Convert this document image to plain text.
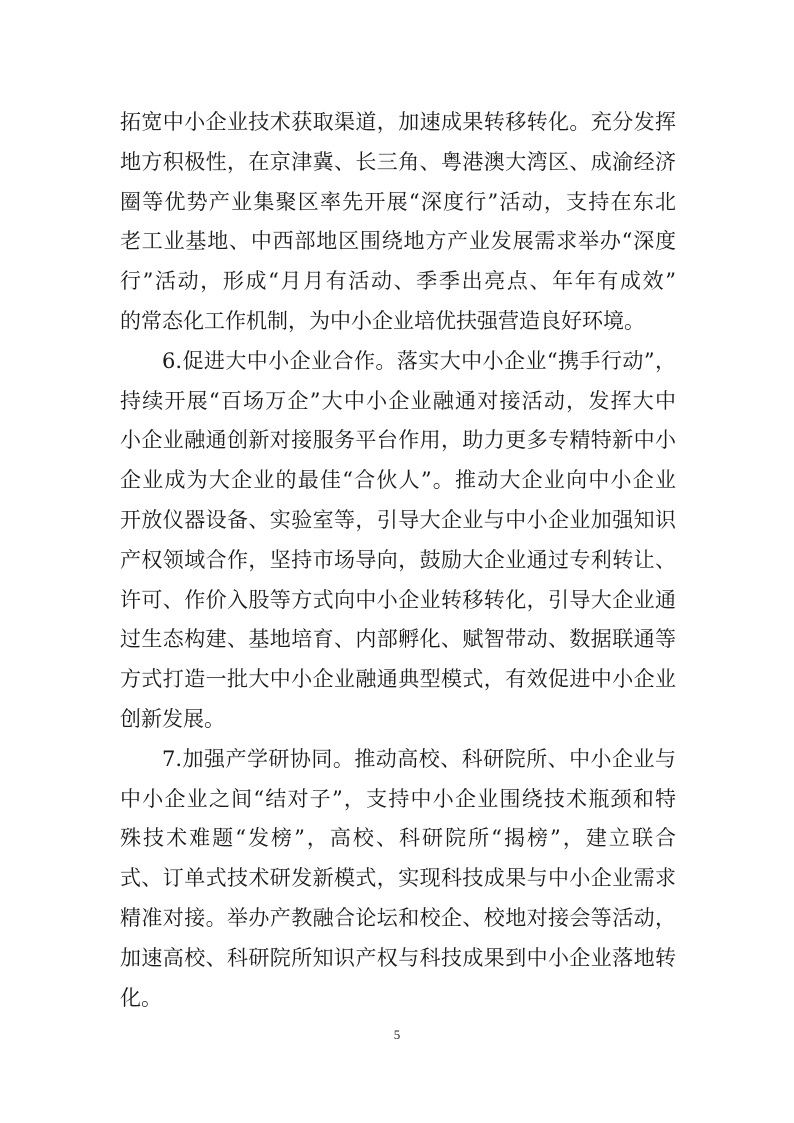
拓宽中小企业技术获取渠道，加速成果转移转化。充分发挥
地方积极性，在京津冀、长三角、粤港澳大湾区、成渝经济
圈等优势产业集聚区率先开展“深度行”活动，支持在东北
老工业基地、中西部地区围绕地方产业发展需求举办“深度
行”活动，形成“月月有活动、季季出亮点、年年有成效”
的常态化工作机制，为中小企业培优扶强营造良好环境。
6.促进大中小企业合作。落实大中小企业“携手行动”，
持续开展“百场万企”大中小企业融通对接活动，发挥大中
小企业融通创新对接服务平台作用，助力更多专精特新中小
企业成为大企业的最佳“合伙人”。推动大企业向中小企业
开放仪器设备、实验室等，引导大企业与中小企业加强知识
产权领域合作，坚持市场导向，鼓励大企业通过专利转让、
许可、作价入股等方式向中小企业转移转化，引导大企业通
过生态构建、基地培育、内部孵化、赋智带动、数据联通等
方式打造一批大中小企业融通典型模式，有效促进中小企业
创新发展。
7.加强产学研协同。推动高校、科研院所、中小企业与
中小企业之间“结对子”，支持中小企业围绕技术瓶颈和特
殊技术难题“发榜”，高校、科研院所“揭榜”，建立联合
式、订单式技术研发新模式，实现科技成果与中小企业需求
精准对接。举办产教融合论坛和校企、校地对接会等活动，
加速高校、科研院所知识产权与科技成果到中小企业落地转
化。
5
